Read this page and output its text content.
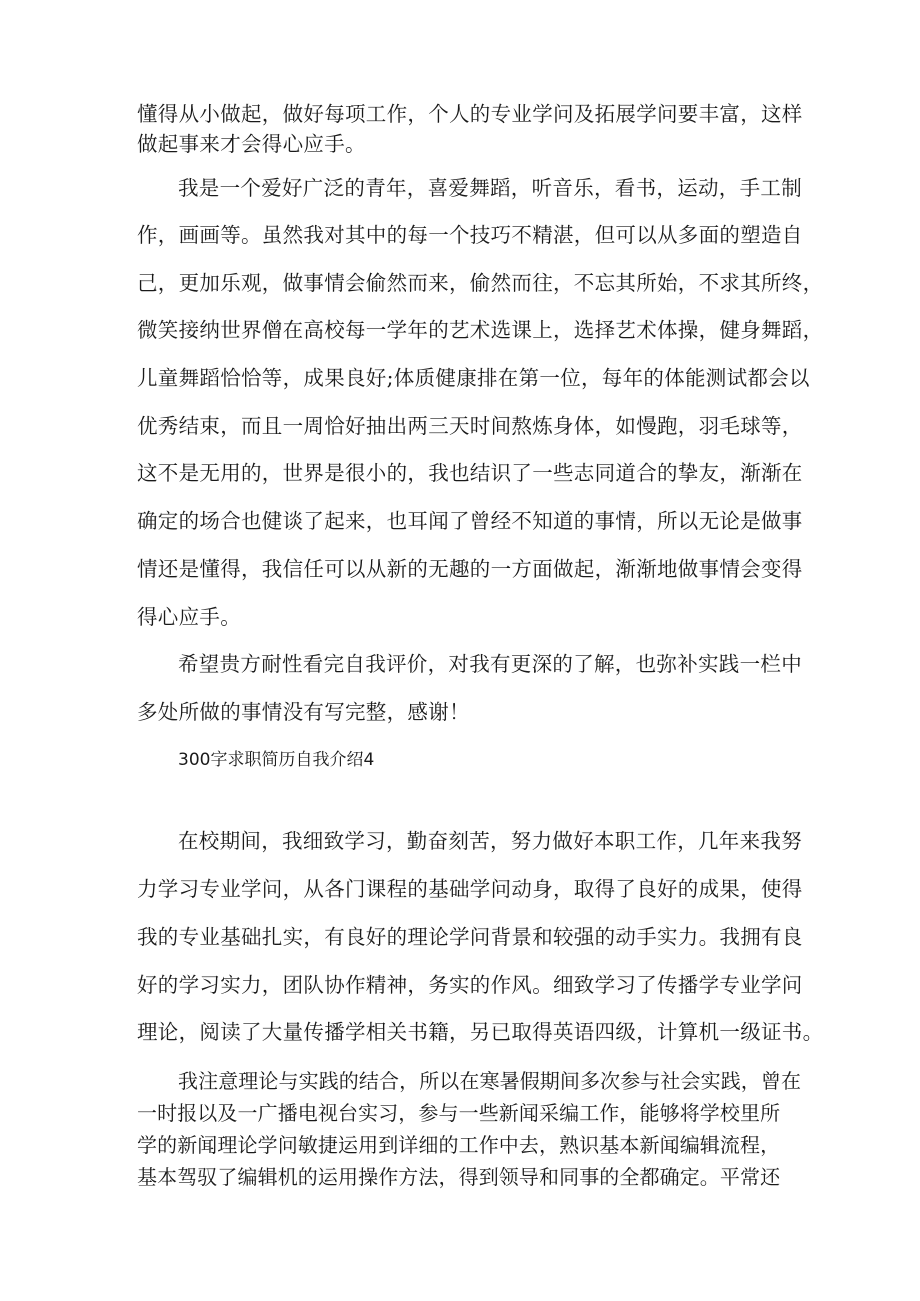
懂得从小做起，做好每项工作，个人的专业学问及拓展学问要丰富，这样
做起事来才会得心应手。
我是一个爱好广泛的青年，喜爱舞蹈，听音乐，看书，运动，手工制
作，画画等。虽然我对其中的每一个技巧不精湛，但可以从多面的塑造自
己，更加乐观，做事情会偷然而来，偷然而往，不忘其所始，不求其所终，
微笑接纳世界僧在高校每一学年的艺术选课上，选择艺术体操，健身舞蹈，
儿童舞蹈恰恰等，成果良好;体质健康排在第一位，每年的体能测试都会以
优秀结束，而且一周恰好抽出两三天时间熬炼身体，如慢跑，羽毛球等，
这不是无用的，世界是很小的，我也结识了一些志同道合的挚友，渐渐在
确定的场合也健谈了起来，也耳闻了曾经不知道的事情，所以无论是做事
情还是懂得，我信任可以从新的无趣的一方面做起，渐渐地做事情会变得
得心应手。
希望贵方耐性看完自我评价，对我有更深的了解，也弥补实践一栏中
多处所做的事情没有写完整，感谢！
300字求职简历自我介绍4
在校期间，我细致学习，勤奋刻苦，努力做好本职工作，几年来我努
力学习专业学问，从各门课程的基础学问动身，取得了良好的成果，使得
我的专业基础扎实，有良好的理论学问背景和较强的动手实力。我拥有良
好的学习实力，团队协作精神，务实的作风。细致学习了传播学专业学问
理论，阅读了大量传播学相关书籍，另已取得英语四级，计算机一级证书。
我注意理论与实践的结合，所以在寒暑假期间多次参与社会实践，曾在
一时报以及一广播电视台实习，参与一些新闻采编工作，能够将学校里所
学的新闻理论学问敏捷运用到详细的工作中去，熟识基本新闻编辑流程，
基本驾驭了编辑机的运用操作方法，得到领导和同事的全都确定。平常还
